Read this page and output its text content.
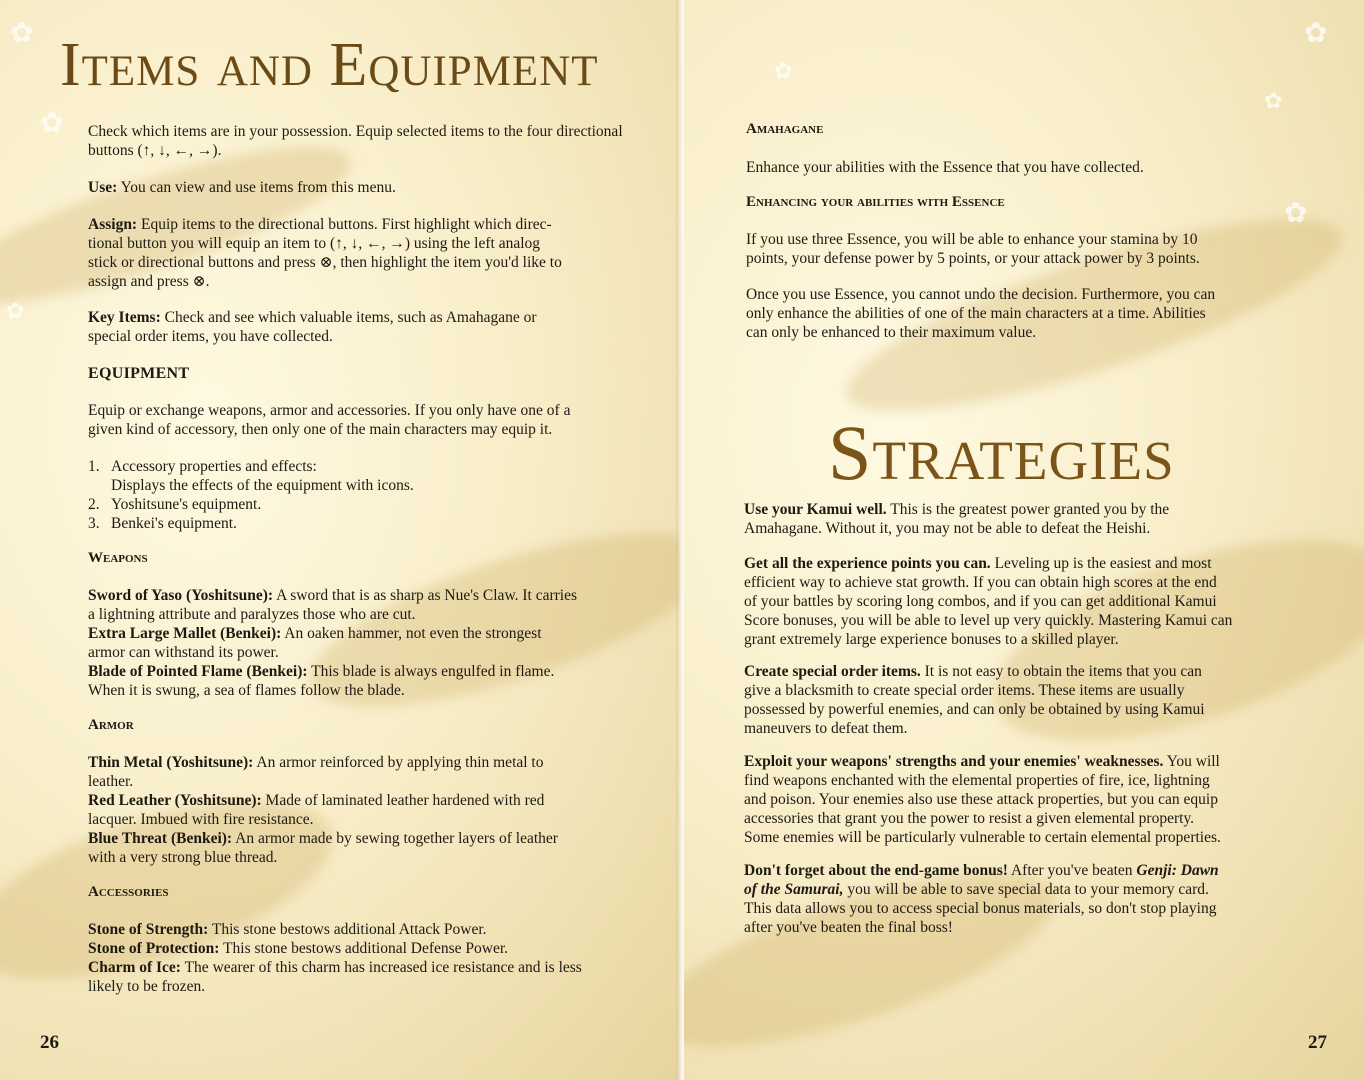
✿
✿
✿
Items and Equipment

Check which items are in your possession. Equip selected items to the four directional buttons (↑, ↓, ←, →).

Use: You can view and use items from this menu.

Assign: Equip items to the directional buttons. First highlight which direc-

tional button you will equip an item to (↑, ↓, ←, →) using the left analog

stick or directional buttons and press ⊗, then highlight the item you'd like to

assign and press ⊗.

Key Items: Check and see which valuable items, such as Amahagane or

special order items, you have collected.

EQUIPMENT

Equip or exchange weapons, armor and accessories. If you only have one of a

given kind of accessory, then only one of the main characters may equip it.

1. Accessory properties and effects:

Displays the effects of the equipment with icons.

2. Yoshitsune's equipment.

3. Benkei's equipment.

Weapons

Sword of Yaso (Yoshitsune): A sword that is as sharp as Nue's Claw. It carries

a lightning attribute and paralyzes those who are cut.

Extra Large Mallet (Benkei): An oaken hammer, not even the strongest

armor can withstand its power.

Blade of Pointed Flame (Benkei): This blade is always engulfed in flame.

When it is swung, a sea of flames follow the blade.

Armor

Thin Metal (Yoshitsune): An armor reinforced by applying thin metal to

leather.

Red Leather (Yoshitsune): Made of laminated leather hardened with red

lacquer. Imbued with fire resistance.

Blue Threat (Benkei): An armor made by sewing together layers of leather

with a very strong blue thread.

Accessories

Stone of Strength: This stone bestows additional Attack Power.

Stone of Protection: This stone bestows additional Defense Power.

Charm of Ice: The wearer of this charm has increased ice resistance and is less

likely to be frozen.

26
✿
✿
✿
✿
Amahagane
Enhance your abilities with the Essence that you have collected.
Enhancing your abilities with Essence

If you use three Essence, you will be able to enhance your stamina by 10

points, your defense power by 5 points, or your attack power by 3 points.

Once you use Essence, you cannot undo the decision. Furthermore, you can

only enhance the abilities of one of the main characters at a time. Abilities

can only be enhanced to their maximum value.

Strategies

Use your Kamui well. This is the greatest power granted you by the

Amahagane. Without it, you may not be able to defeat the Heishi.

Get all the experience points you can. Leveling up is the easiest and most

efficient way to achieve stat growth. If you can obtain high scores at the end

of your battles by scoring long combos, and if you can get additional Kamui

Score bonuses, you will be able to level up very quickly. Mastering Kamui can

grant extremely large experience bonuses to a skilled player.

Create special order items. It is not easy to obtain the items that you can

give a blacksmith to create special order items. These items are usually

possessed by powerful enemies, and can only be obtained by using Kamui

maneuvers to defeat them.

Exploit your weapons' strengths and your enemies' weaknesses. You will

find weapons enchanted with the elemental properties of fire, ice, lightning

and poison. Your enemies also use these attack properties, but you can equip

accessories that grant you the power to resist a given elemental property.

Some enemies will be particularly vulnerable to certain elemental properties.

Don't forget about the end-game bonus! After you've beaten Genji: Dawn

of the Samurai, you will be able to save special data to your memory card.

This data allows you to access special bonus materials, so don't stop playing

after you've beaten the final boss!

27
